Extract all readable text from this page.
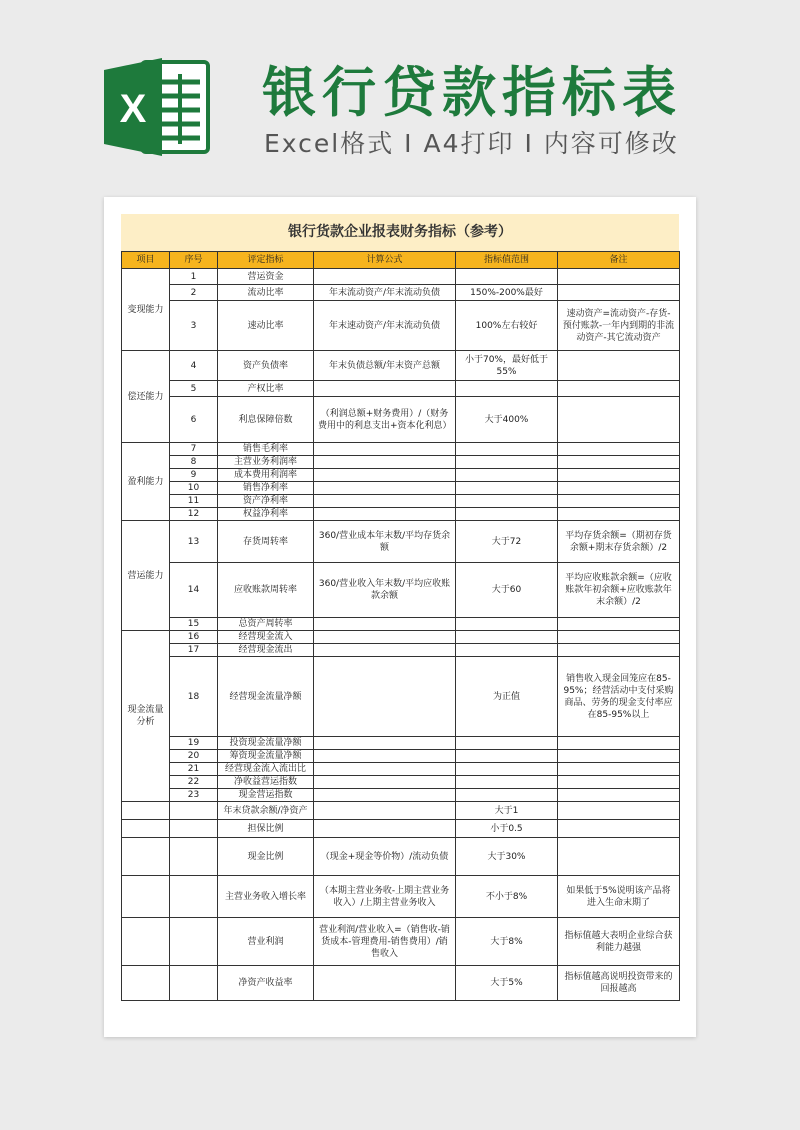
X 银行贷款指标表
Excel格式 I A4打印 I 内容可修改
银行货款企业报表财务指标（参考）
项目	序号	评定指标	计算公式	指标值范围	备注
变现能力	1	营运资金			
	2	流动比率	年末流动资产/年末流动负债	150%-200%最好	
	3	速动比率	年末速动资产/年末流动负债	100%左右较好	速动资产=流动资产-存货-预付账款-一年内到期的非流动资产-其它流动资产
偿还能力	4	资产负债率	年末负债总额/年末资产总额	小于70%，最好低于55%	
	5	产权比率			
	6	利息保障倍数	（利润总额+财务费用）/（财务费用中的利息支出+资本化利息）	大于400%	
盈利能力	7	销售毛利率			
	8	主营业务利润率			
	9	成本费用利润率			
	10	销售净利率			
	11	资产净利率			
	12	权益净利率			
营运能力	13	存货周转率	360/营业成本年末数/平均存货余额	大于72	平均存货余额=（期初存货余额+期末存货余额）/2
	14	应收账款周转率	360/营业收入年末数/平均应收账款余额	大于60	平均应收账款余额=（应收账款年初余额+应收账款年末余额）/2
	15	总资产周转率			
现金流量分析	16	经营现金流入			
	17	经营现金流出			
	18	经营现金流量净额		为正值	销售收入现金回笼应在85-95%；经营活动中支付采购商品、劳务的现金支付率应在85-95%以上
	19	投资现金流量净额			
	20	筹资现金流量净额			
	21	经营现金流入流出比			
	22	净收益营运指数			
	23	现金营运指数			
		年末贷款余额/净资产		大于1	
		担保比例		小于0.5	
		现金比例	（现金+现金等价物）/流动负债	大于30%	
		主营业务收入增长率	（本期主营业务收-上期主营业务收入）/上期主营业务收入	不小于8%	如果低于5%说明该产品将进入生命末期了
		营业利润	营业利润/营业收入=（销售收-销货成本-管理费用-销售费用）/销售收入	大于8%	指标值越大表明企业综合获利能力越强
		净资产收益率		大于5%	指标值越高说明投资带来的回报越高
